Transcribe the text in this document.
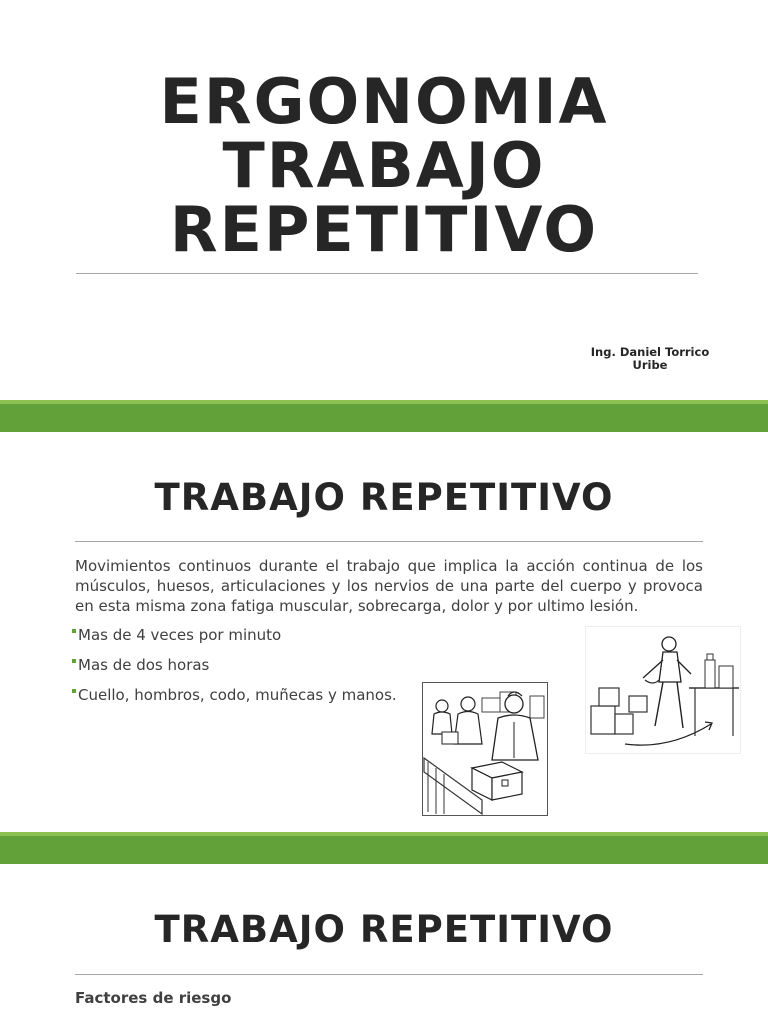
ERGONOMIA
TRABAJO
REPETITIVO
Ing. Daniel Torrico
Uribe
TRABAJO REPETITIVO
Movimientos continuos durante el trabajo que implica la acción continua de los músculos, huesos, articulaciones y los nervios de una parte del cuerpo y provoca en esta misma zona fatiga muscular, sobrecarga, dolor y por ultimo lesión.
Mas de 4 veces por minuto
Mas de dos horas
Cuello, hombros, codo, muñecas y manos.
TRABAJO REPETITIVO
Factores de riesgo
